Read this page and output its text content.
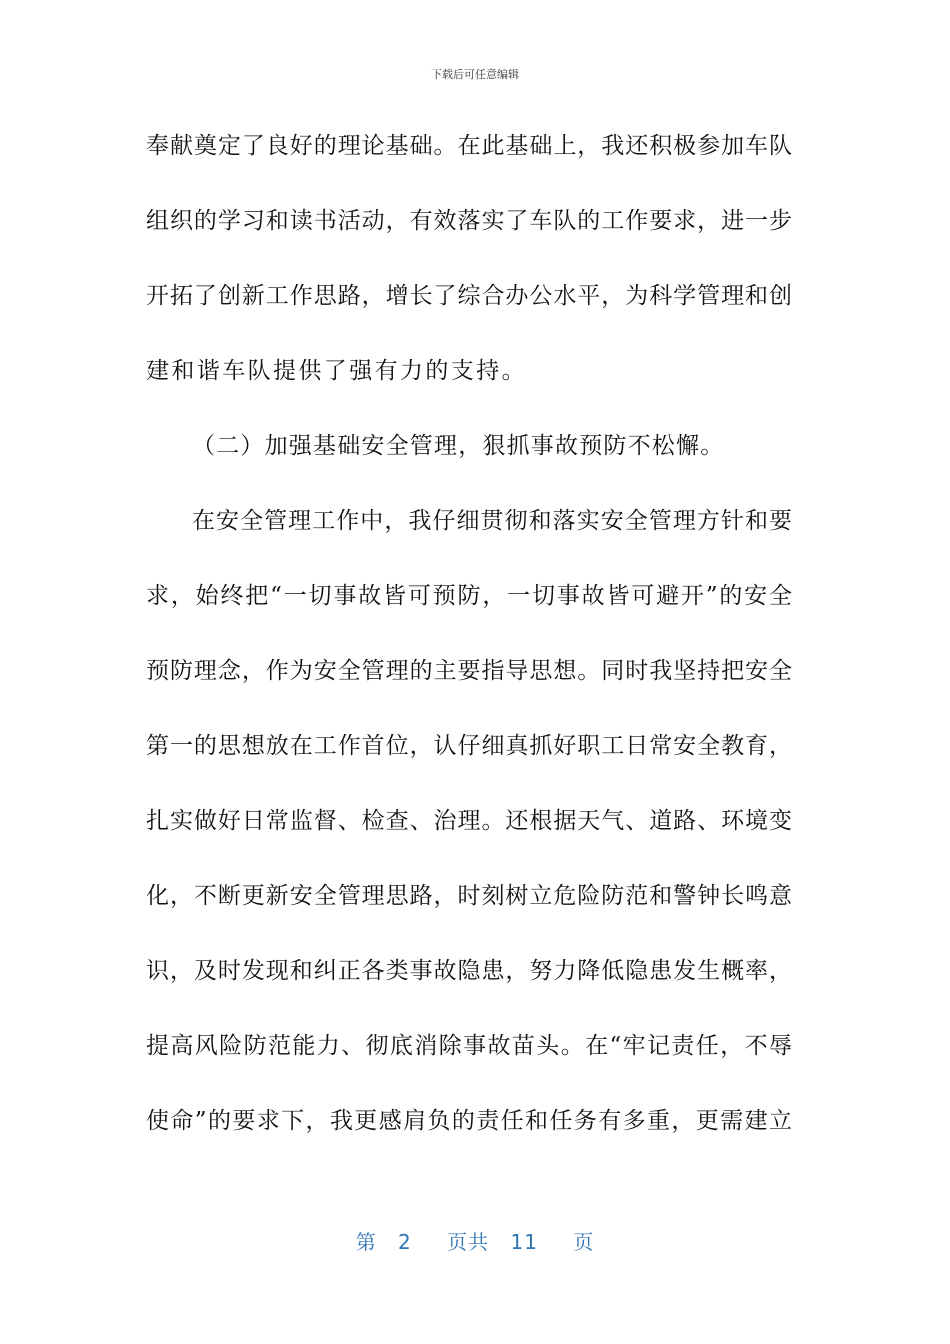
下载后可任意编辑
奉献奠定了良好的理论基础。在此基础上，我还积极参加车队
组织的学习和读书活动，有效落实了车队的工作要求，进一步
开拓了创新工作思路，增长了综合办公水平，为科学管理和创
建和谐车队提供了强有力的支持。
（二）加强基础安全管理，狠抓事故预防不松懈。
在安全管理工作中，我仔细贯彻和落实安全管理方针和要
求，始终把“一切事故皆可预防，一切事故皆可避开”的安全
预防理念，作为安全管理的主要指导思想。同时我坚持把安全
第一的思想放在工作首位，认仔细真抓好职工日常安全教育，
扎实做好日常监督、检查、治理。还根据天气、道路、环境变
化，不断更新安全管理思路，时刻树立危险防范和警钟长鸣意
识，及时发现和纠正各类事故隐患，努力降低隐患发生概率，
提高风险防范能力、彻底消除事故苗头。在“牢记责任，不辱
使命”的要求下，我更感肩负的责任和任务有多重，更需建立
第 2 页共 11 页
